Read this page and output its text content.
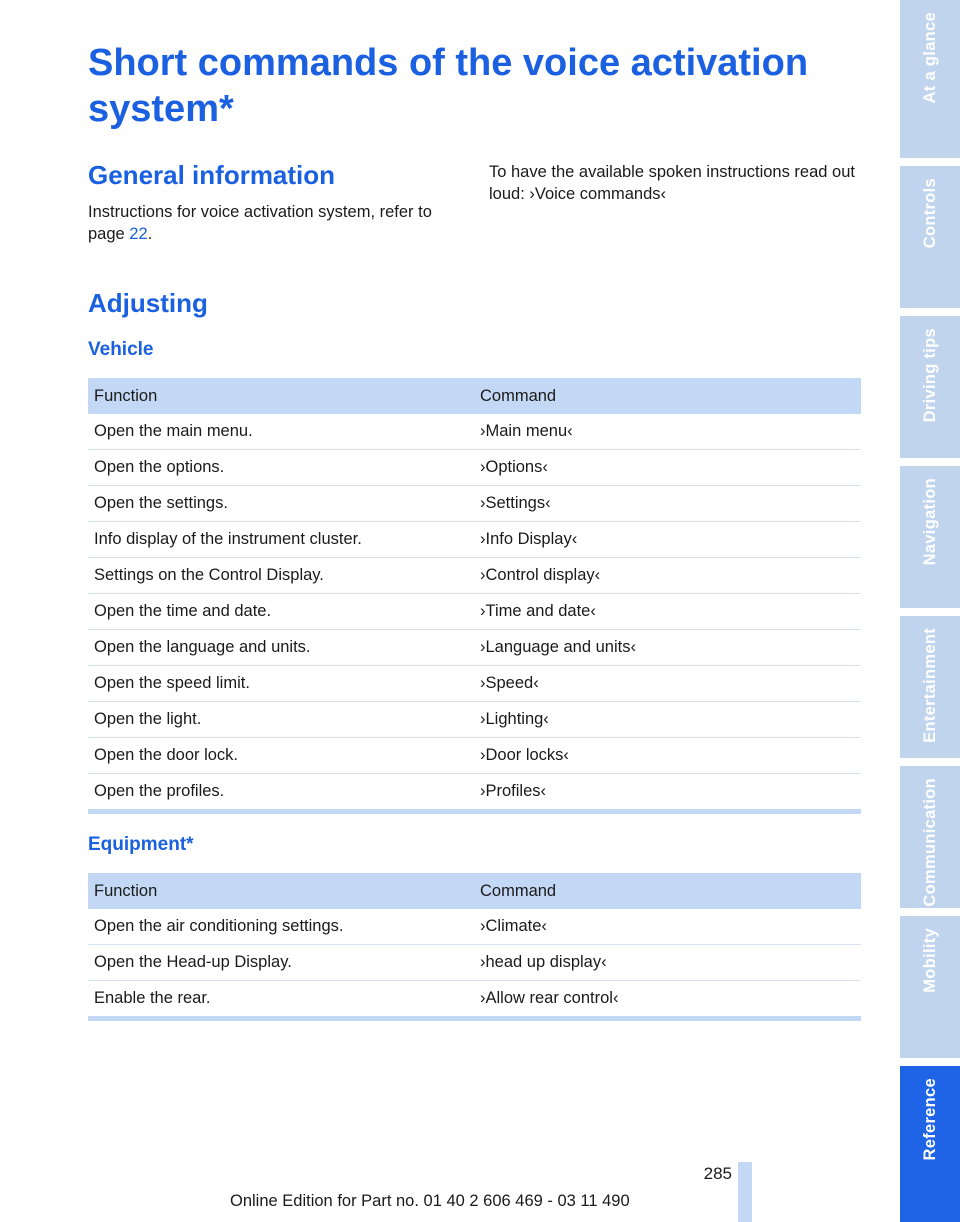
Short commands of the voice activation system*
General information

Instructions for voice activation system, refer to page 22.

To have the available spoken instructions read out loud: ›Voice commands‹

Adjusting
Vehicle
Function	Command
Open the main menu.	›Main menu‹
Open the options.	›Options‹
Open the settings.	›Settings‹
Info display of the instrument cluster.	›Info Display‹
Settings on the Control Display.	›Control display‹
Open the time and date.	›Time and date‹
Open the language and units.	›Language and units‹
Open the speed limit.	›Speed‹
Open the light.	›Lighting‹
Open the door lock.	›Door locks‹
Open the profiles.	›Profiles‹
Equipment*
Function	Command
Open the air conditioning settings.	›Climate‹
Open the Head-up Display.	›head up display‹
Enable the rear.	›Allow rear control‹
At a glance
Controls
Driving tips
Navigation
Entertainment
Communication
Mobility
Reference
285
Online Edition for Part no. 01 40 2 606 469 - 03 11 490
